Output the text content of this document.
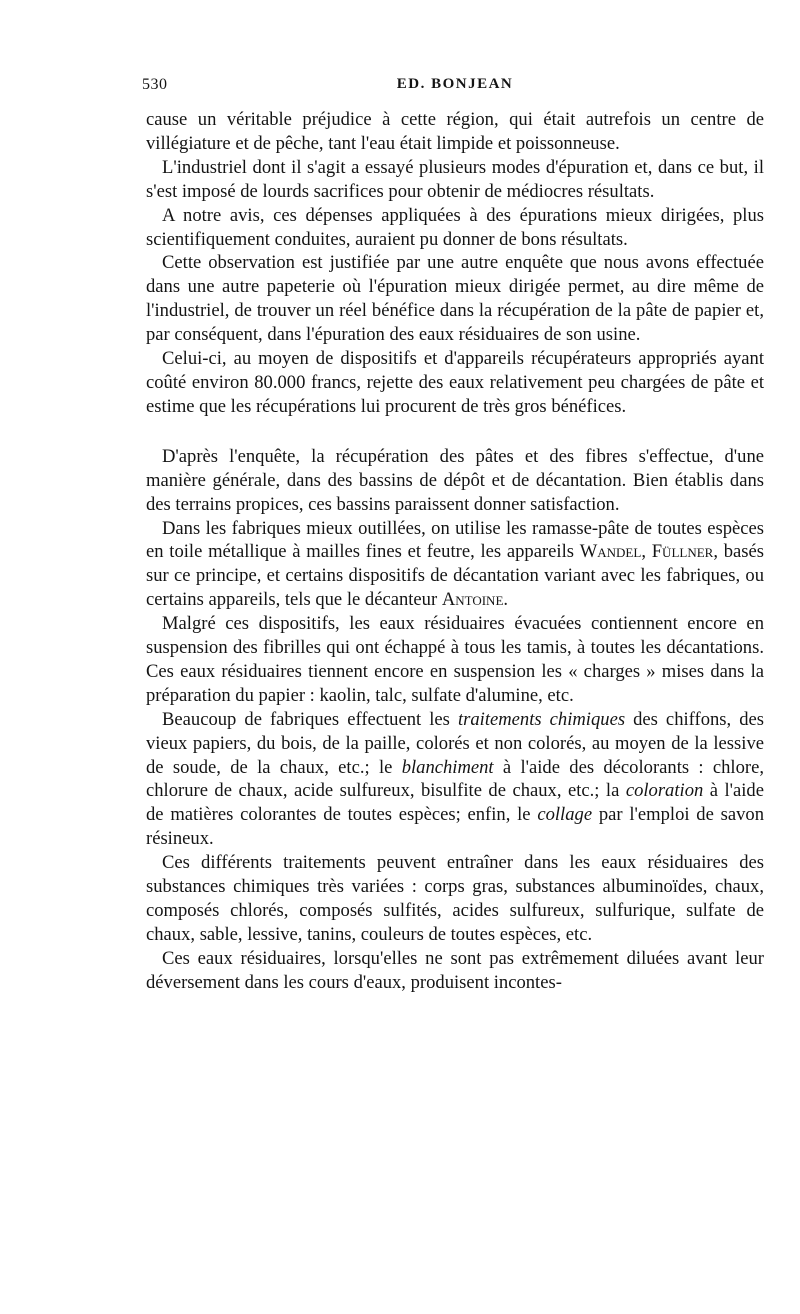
530	ED. BONJEAN

cause un véritable préjudice à cette région, qui était autrefois un centre de villégiature et de pêche, tant l'eau était limpide et poissonneuse.

L'industriel dont il s'agit a essayé plusieurs modes d'épuration et, dans ce but, il s'est imposé de lourds sacrifices pour obtenir de médiocres résultats.

A notre avis, ces dépenses appliquées à des épurations mieux dirigées, plus scientifiquement conduites, auraient pu donner de bons résultats.

Cette observation est justifiée par une autre enquête que nous avons effectuée dans une autre papeterie où l'épuration mieux dirigée permet, au dire même de l'industriel, de trouver un réel bénéfice dans la récupération de la pâte de papier et, par conséquent, dans l'épuration des eaux résiduaires de son usine.

Celui-ci, au moyen de dispositifs et d'appareils récupérateurs appropriés ayant coûté environ 80.000 francs, rejette des eaux relativement peu chargées de pâte et estime que les récupérations lui procurent de très gros bénéfices.

D'après l'enquête, la récupération des pâtes et des fibres s'effectue, d'une manière générale, dans des bassins de dépôt et de décantation. Bien établis dans des terrains propices, ces bassins paraissent donner satisfaction.

Dans les fabriques mieux outillées, on utilise les ramasse-pâte de toutes espèces en toile métallique à mailles fines et feutre, les appareils Wandel, Füllner, basés sur ce principe, et certains dispositifs de décantation variant avec les fabriques, ou certains appareils, tels que le décanteur Antoine.

Malgré ces dispositifs, les eaux résiduaires évacuées contiennent encore en suspension des fibrilles qui ont échappé à tous les tamis, à toutes les décantations. Ces eaux résiduaires tiennent encore en suspension les « charges » mises dans la préparation du papier : kaolin, talc, sulfate d'alumine, etc.

Beaucoup de fabriques effectuent les traitements chimiques des chiffons, des vieux papiers, du bois, de la paille, colorés et non colorés, au moyen de la lessive de soude, de la chaux, etc.; le blanchiment à l'aide des décolorants : chlore, chlorure de chaux, acide sulfureux, bisulfite de chaux, etc.; la coloration à l'aide de matières colorantes de toutes espèces; enfin, le collage par l'emploi de savon résineux.

Ces différents traitements peuvent entraîner dans les eaux résiduaires des substances chimiques très variées : corps gras, substances albuminoïdes, chaux, composés chlorés, composés sulfités, acides sulfureux, sulfurique, sulfate de chaux, sable, lessive, tanins, couleurs de toutes espèces, etc.

Ces eaux résiduaires, lorsqu'elles ne sont pas extrêmement diluées avant leur déversement dans les cours d'eaux, produisent incontes-
